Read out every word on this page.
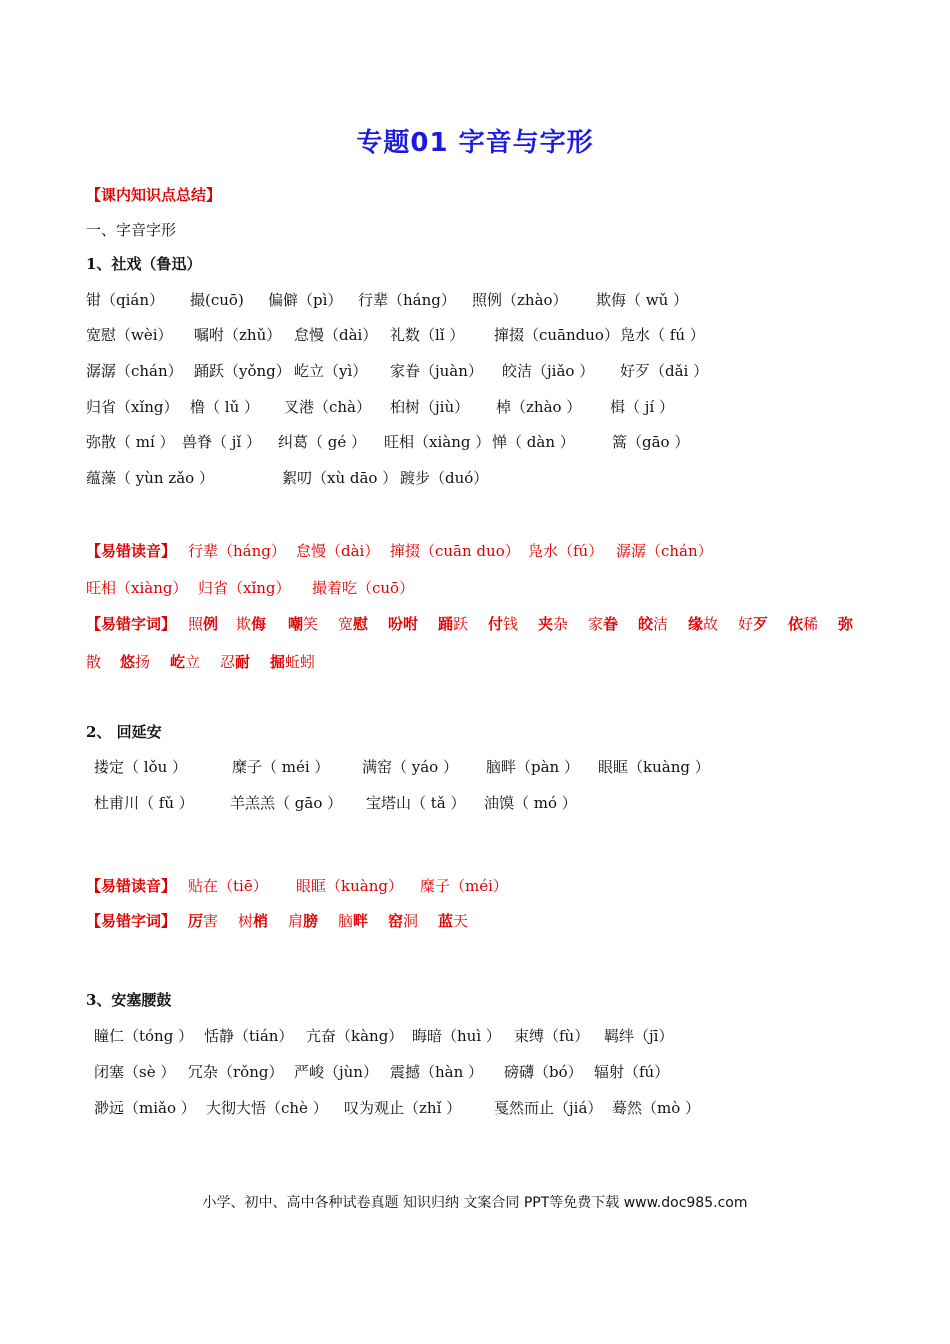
专题01 字音与字形
【课内知识点总结】
一、字音字形
1、社戏（鲁迅）
钳（qián） 撮(cuō) 偏僻（pì） 行辈（háng） 照例（zhào） 欺侮（ wǔ ）
宽慰（wèi） 嘱咐（zhǔ） 怠慢（dài） 礼数（lǐ ） 撺掇（cuānduo） 凫水（ fú ）
潺潺（chán） 踊跃（yǒng） 屹立（yì） 家眷（juàn） 皎洁（jiǎo ） 好歹（dǎi ）
归省（xǐng） 橹（ lǔ ） 叉港（chà） 桕树（jiù） 棹（zhào ） 楫（ jí ）
弥散（ mí ） 兽脊（ jǐ ） 纠葛（ gé ） 旺相（xiàng ） 惮（ dàn ） 篙（gāo ）
蕴藻（ yùn zǎo ）	絮叨（xù dāo ） 踱步（duó）
【易错读音】 行辈（háng） 怠慢（dài） 撺掇（cuān duo） 凫水（fú） 潺潺（chán）
旺相（xiàng） 归省（xǐng） 撮着吃（cuō）
【易错字词】 照例 欺侮 嘲笑 宽慰 吩咐 踊跃 付钱 夹杂 家眷 皎洁 缘故 好歹 依稀 弥
散 悠扬 屹立 忍耐 掘蚯蚓
2、 回延安
搂定（ lǒu ）	糜子（ méi ） 满窑（ yáo ） 脑畔（pàn ） 眼眶（kuàng ）
杜甫川（ fǔ ） 羊羔羔（ gāo ） 宝塔山（ tǎ ） 油馍（ mó ）
【易错读音】 贴在（tiē） 眼眶（kuàng） 糜子（méi）
【易错字词】 厉害 树梢 肩膀 脑畔 窑洞 蓝天
3、安塞腰鼓
瞳仁（tóng ） 恬静（tián） 亢奋（kàng） 晦暗（huì ） 束缚（fù） 羁绊（jī）
闭塞（sè ） 冗杂（rǒng） 严峻（jùn） 震撼（hàn ） 磅礴（bó） 辐射（fú）
渺远（miǎo ） 大彻大悟（chè ） 叹为观止（zhǐ ） 戛然而止（jiá） 蓦然（mò ）
小学、初中、高中各种试卷真题 知识归纳 文案合同 PPT等免费下载 www.doc985.com
